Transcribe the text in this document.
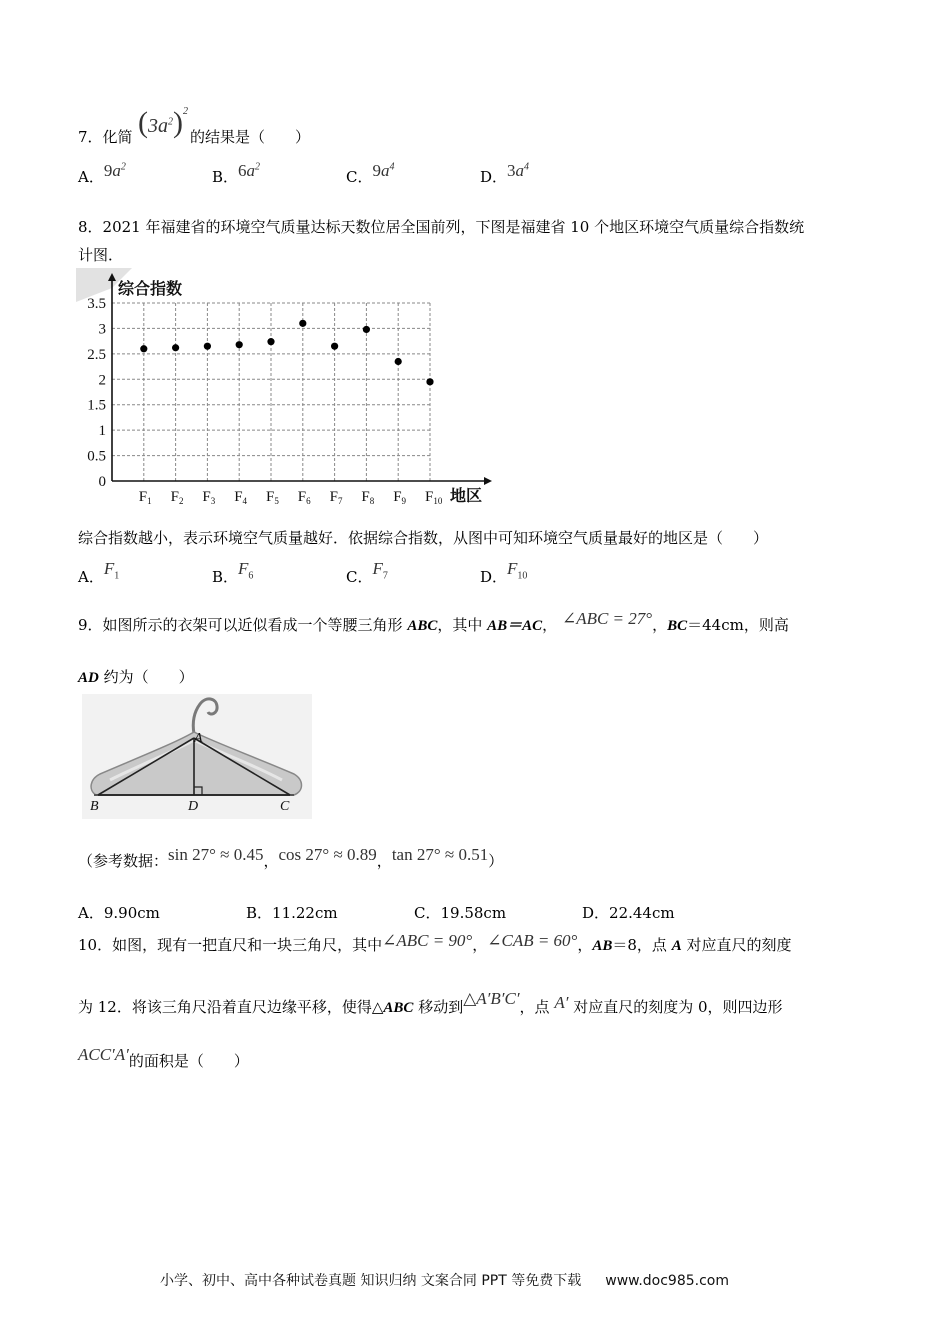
7．化简 $(3a^2)^2$
的结果是（　　）
A．$9a^2$
B．$6a^2$
C．$9a^4$
D．$3a^4$
8．2021 年福建省的环境空气质量达标天数位居全国前列，下图是福建省 10 个地区环境空气质量综合指数统
计图．
0
0.5
1
1.5
2
2.5
3
3.5
$F_1$ $F_2$ $F_3$ $F_4$ $F_5$ $F_6$ $F_7$ $F_8$ $F_9$ $F_{10}$
综合指数
地区
综合指数越小，表示环境空气质量越好．依据综合指数，从图中可知环境空气质量最好的地区是（　　）
A．$F_1$	B．$F_6$	C．$F_7$	D．$F_{10}$
9．如图所示的衣架可以近似看成一个等腰三角形 ABC，其中 AB＝AC， ∠ABC = 27°，BC＝44cm，则高
AD 约为（　　）
A
B	D	C
（参考数据：sin 27° ≈ 0.45，cos 27° ≈ 0.89，tan 27° ≈ 0.51）
A．9.90cm	B．11.22cm	C．19.58cm	D．22.44cm
10．如图，现有一把直尺和一块三角尺，其中∠ABC = 90°，∠CAB = 60°，AB＝8，点 A 对应直尺的刻度
为 12．将该三角尺沿着直尺边缘平移，使得△ABC 移动到△A′B′C′，点 A′ 对应直尺的刻度为 0，则四边形
ACC′A′的面积是（　　）
小学、初中、高中各种试卷真题 知识归纳 文案合同 PPT 等免费下载 www.doc985.com
